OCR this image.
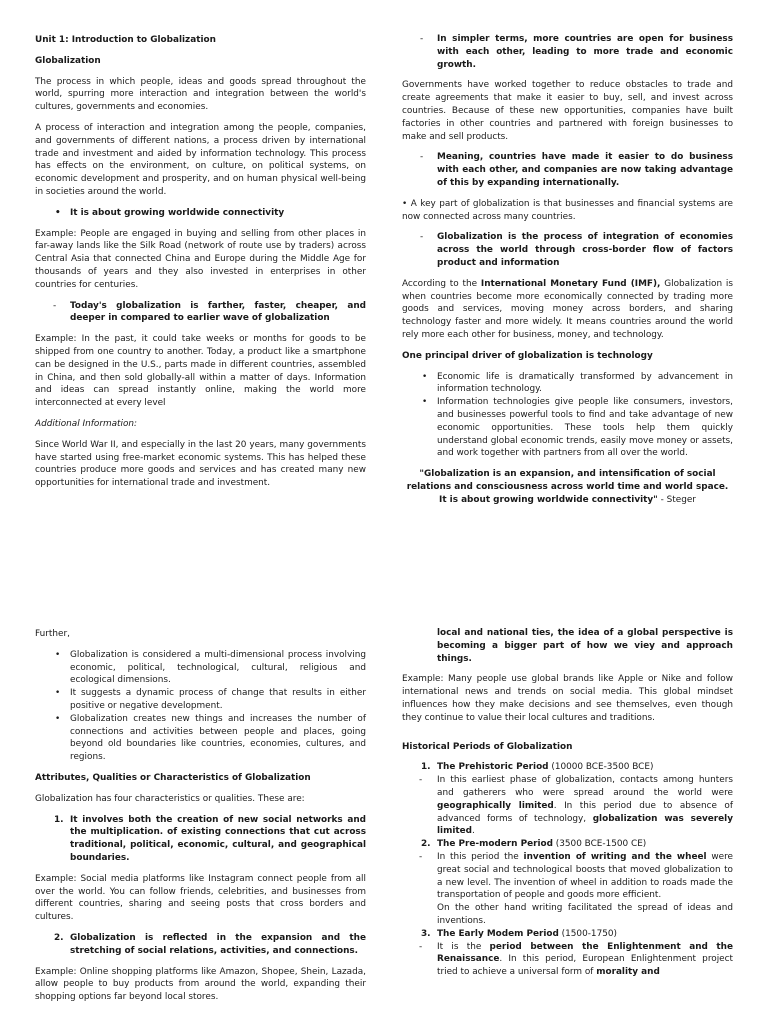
Unit 1: Introduction to Globalization

Globalization

The process in which people, ideas and goods spread throughout the world, spurring more interaction and integration between the world's cultures, governments and economies.

A process of interaction and integration among the people, companies, and governments of different nations, a process driven by international trade and investment and aided by information technology. This process has effects on the environment, on culture, on political systems, on economic development and prosperity, and on human physical well-being in societies around the world.

• It is about growing worldwide connectivity

Example: People are engaged in buying and selling from other places in far-away lands like the Silk Road (network of route use by traders) across Central Asia that connected China and Europe during the Middle Age for thousands of years and they also invested in enterprises in other countries for centuries.

- Today's globalization is farther, faster, cheaper, and deeper in compared to earlier wave of globalization

Example: In the past, it could take weeks or months for goods to be shipped from one country to another. Today, a product like a smartphone can be designed in the U.S., parts made in different countries, assembled in China, and then sold globally-all within a matter of days. Information and ideas can spread instantly online, making the world more interconnected at every level

Additional Information:

Since World War II, and especially in the last 20 years, many governments have started using free-market economic systems. This has helped these countries produce more goods and services and has created many new opportunities for international trade and investment.

- In simpler terms, more countries are open for business with each other, leading to more trade and economic growth.

Governments have worked together to reduce obstacles to trade and create agreements that make it easier to buy, sell, and invest across countries. Because of these new opportunities, companies have built factories in other countries and partnered with foreign businesses to make and sell products.

- Meaning, countries have made it easier to do business with each other, and companies are now taking advantage of this by expanding internationally.

• A key part of globalization is that businesses and financial systems are now connected across many countries.

- Globalization is the process of integration of economies across the world through cross-border flow of factors product and information

According to the International Monetary Fund (IMF), Globalization is when countries become more economically connected by trading more goods and services, moving money across borders, and sharing technology faster and more widely. It means countries around the world rely more each other for business, money, and technology.

One principal driver of globalization is technology

• Economic life is dramatically transformed by advancement in information technology.
• Information technologies give people like consumers, investors, and businesses powerful tools to find and take advantage of new economic opportunities. These tools help them quickly understand global economic trends, easily move money or assets, and work together with partners from all over the world.

"Globalization is an expansion, and intensification of social relations and consciousness across world time and world space. It is about growing worldwide connectivity" - Steger

Further,

• Globalization is considered a multi-dimensional process involving economic, political, technological, cultural, religious and ecological dimensions.
• It suggests a dynamic process of change that results in either positive or negative development.
• Globalization creates new things and increases the number of connections and activities between people and places, going beyond old boundaries like countries, economies, cultures, and regions.

Attributes, Qualities or Characteristics of Globalization

Globalization has four characteristics or qualities. These are:

1. It involves both the creation of new social networks and the multiplication. of existing connections that cut across traditional, political, economic, cultural, and geographical boundaries.

Example: Social media platforms like Instagram connect people from all over the world. You can follow friends, celebrities, and businesses from different countries, sharing and seeing posts that cross borders and cultures.

2. Globalization is reflected in the expansion and the stretching of social relations, activities, and connections.

Example: Online shopping platforms like Amazon, Shopee, Shein, Lazada, allow people to buy products from around the world, expanding their shopping options far beyond local stores.

local and national ties, the idea of a global perspective is becoming a bigger part of how we viey and approach things.

Example: Many people use global brands like Apple or Nike and follow international news and trends on social media. This global mindset influences how they make decisions and see themselves, even though they continue to value their local cultures and traditions.

Historical Periods of Globalization

1. The Prehistoric Period (10000 BCE-3500 BCE)
- In this earliest phase of globalization, contacts among hunters and gatherers who were spread around the world were geographically limited. In this period due to absence of advanced forms of technology, globalization was severely limited.
2. The Pre-modern Period (3500 BCE-1500 CE)
- In this period the invention of writing and the wheel were great social and technological boosts that moved globalization to a new level. The invention of wheel in addition to roads made the transportation of people and goods more efficient.
On the other hand writing facilitated the spread of ideas and inventions.
3. The Early Modem Period (1500-1750)
- It is the period between the Enlightenment and the Renaissance. In this period, European Enlightenment project tried to achieve a universal form of morality and
